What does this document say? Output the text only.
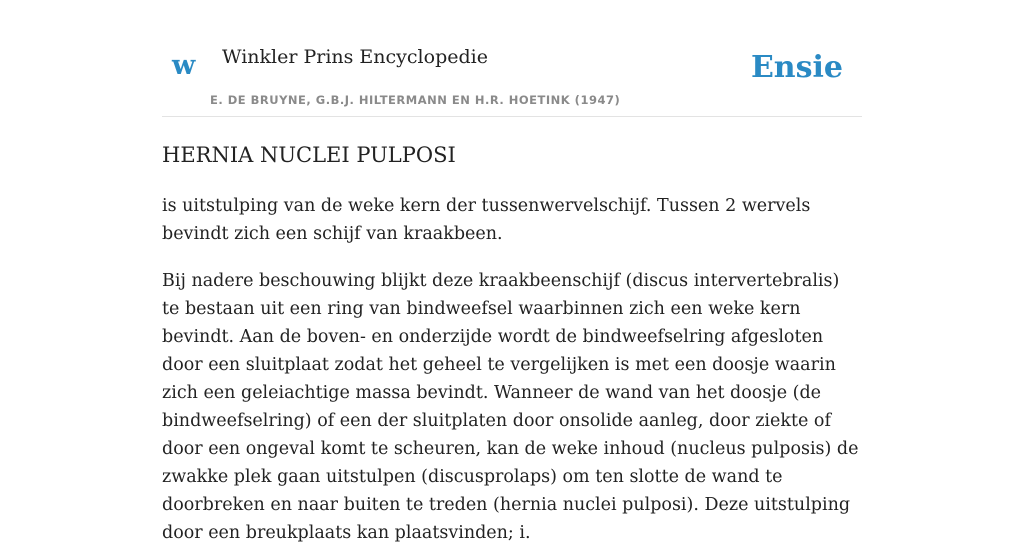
w Winkler Prins Encyclopedie
E. DE BRUYNE, G.B.J. HILTERMANN EN H.R. HOETINK (1947)
Ensie
HERNIA NUCLEI PULPOSI

is uitstulping van de weke kern der tussenwervelschijf. Tussen 2 wervels bevindt zich een schijf van kraakbeen.

Bij nadere beschouwing blijkt deze kraakbeenschijf (discus intervertebralis) te bestaan uit een ring van bindweefsel waarbinnen zich een weke kern bevindt. Aan de boven- en onderzijde wordt de bindweefselring afgesloten door een sluitplaat zodat het geheel te vergelijken is met een doosje waarin zich een geleiachtige massa bevindt. Wanneer de wand van het doosje (de bindweefselring) of een der sluitplaten door onsolide aanleg, door ziekte of door een ongeval komt te scheuren, kan de weke inhoud (nucleus pulposis) de zwakke plek gaan uitstulpen (discusprolaps) om ten slotte de wand te doorbreken en naar buiten te treden (hernia nuclei pulposi). Deze uitstulping door een breukplaats kan plaatsvinden; i.
